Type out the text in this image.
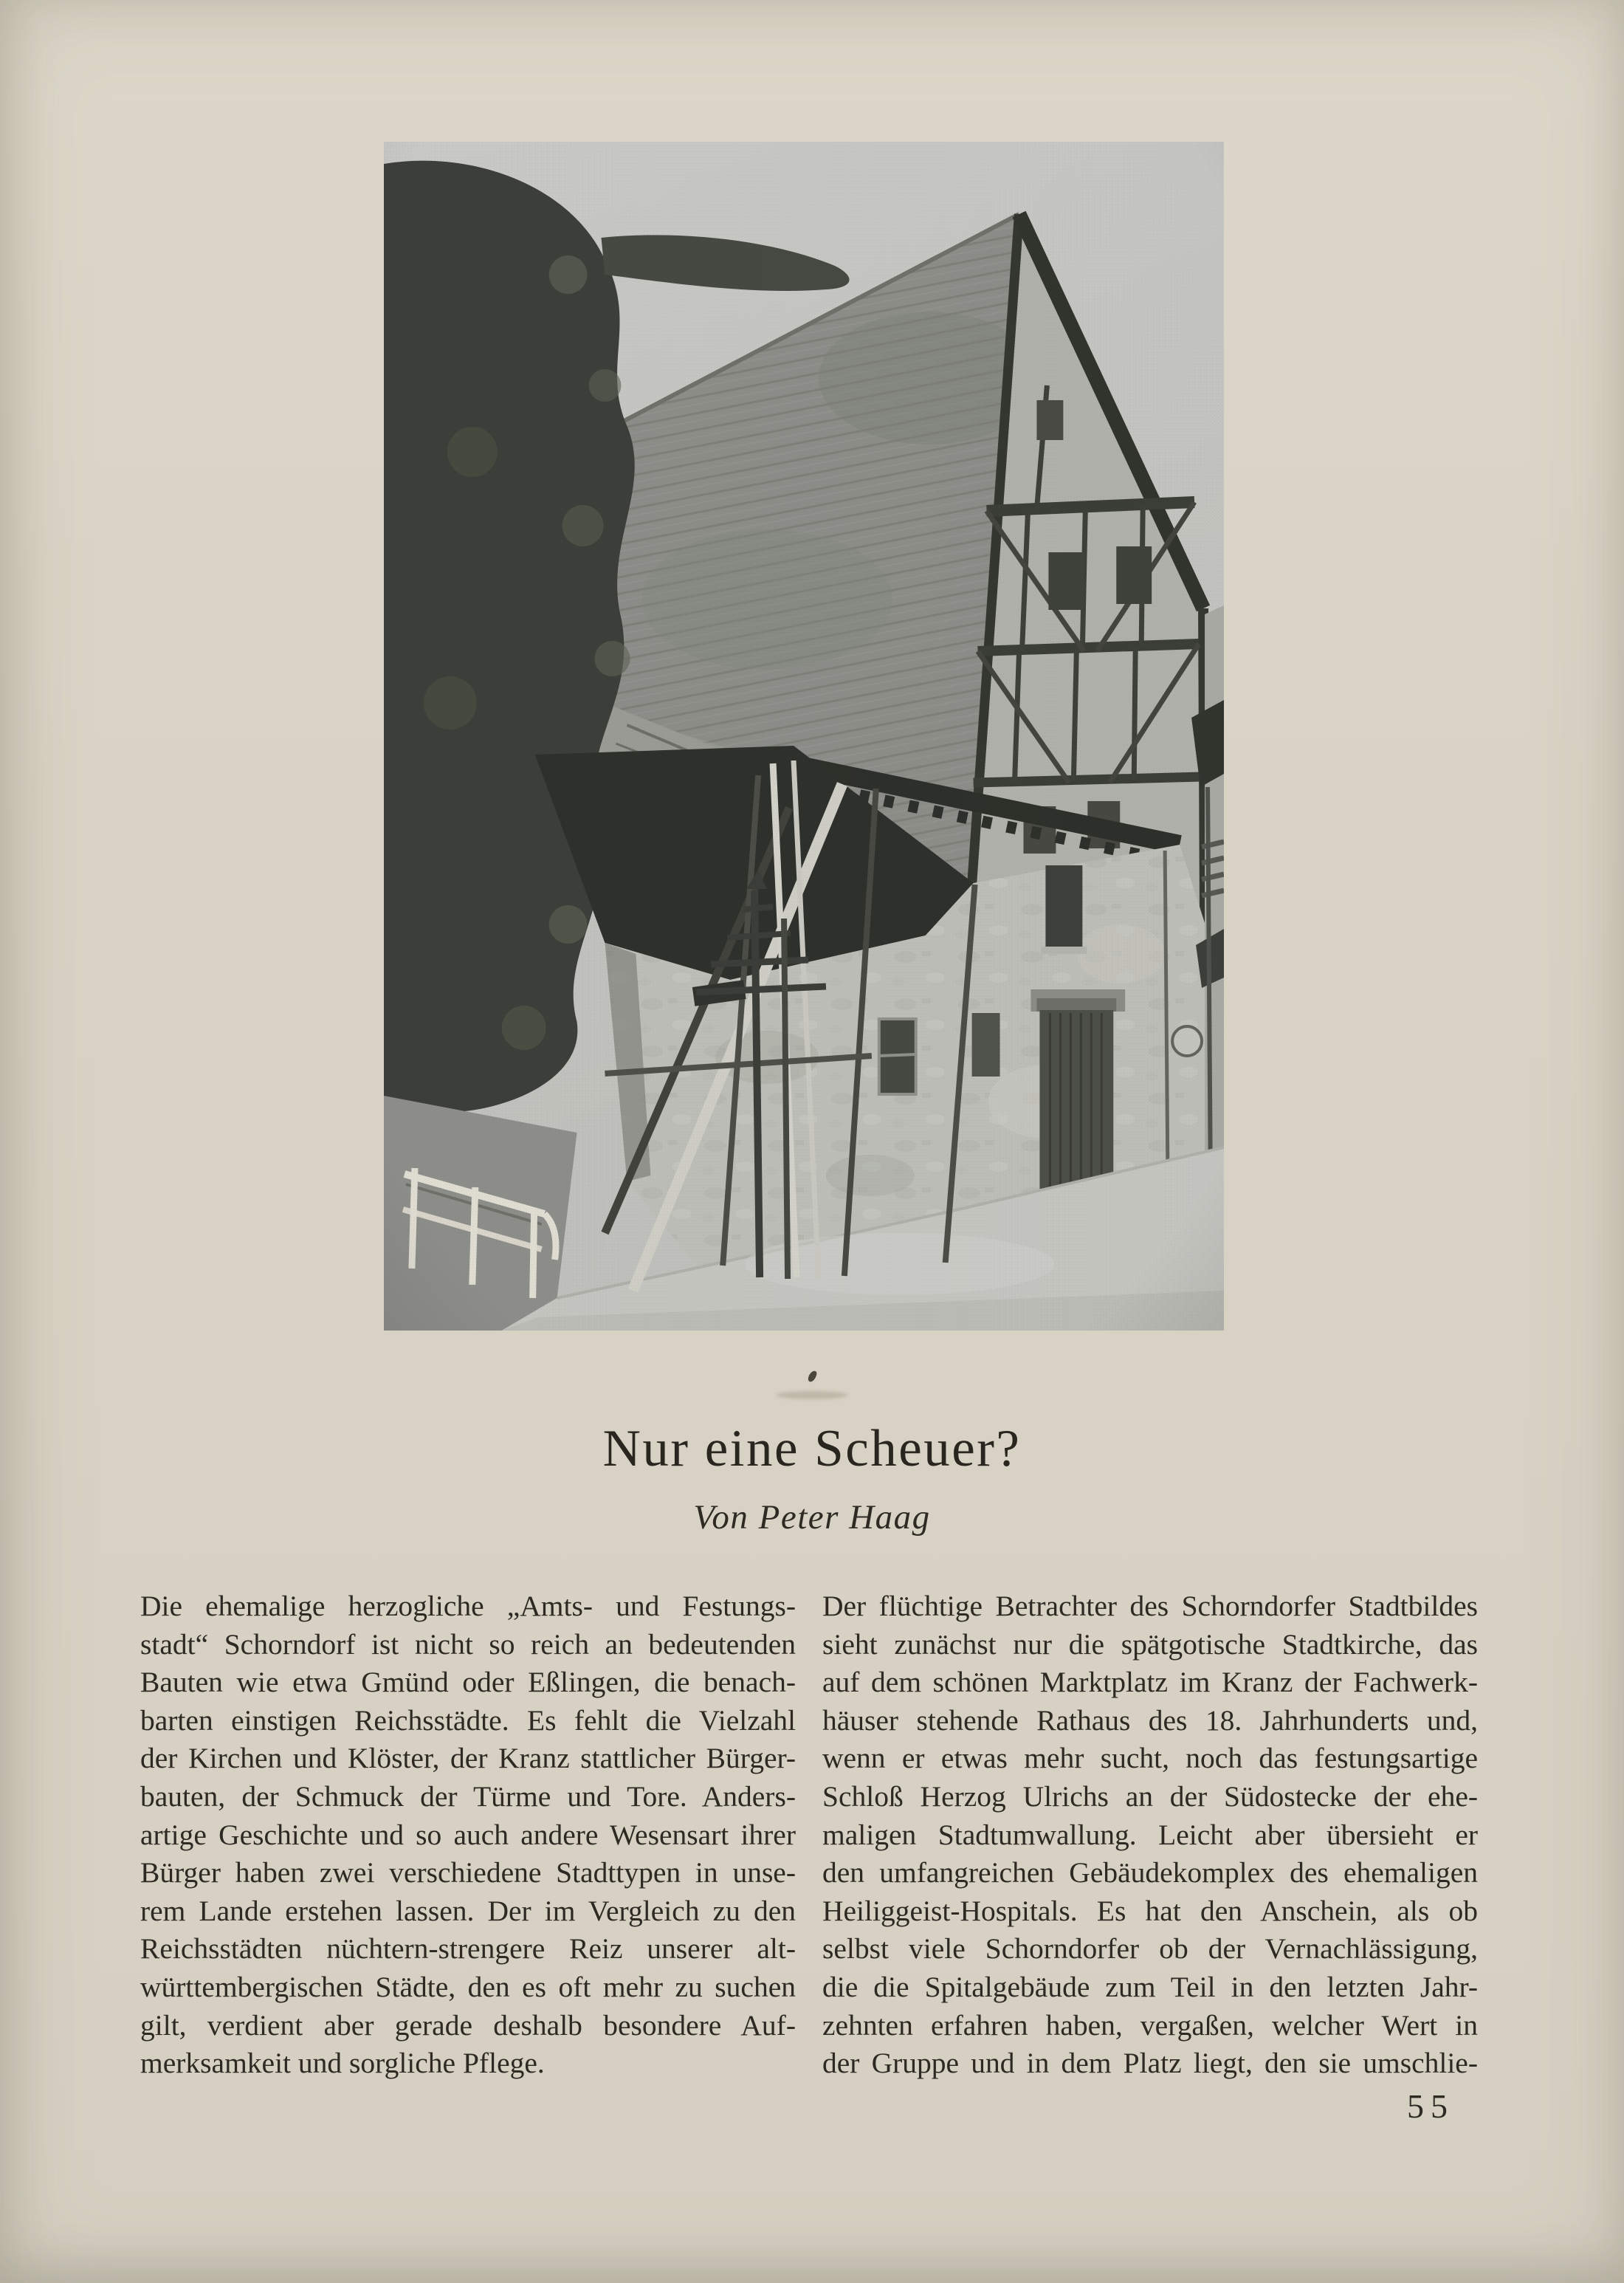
Nur eine Scheuer?
Von Peter Haag
Die ehemalige herzogliche „Amts- und Festungs-
stadt“ Schorndorf ist nicht so reich an bedeutenden
Bauten wie etwa Gmünd oder Eßlingen, die benach-
barten einstigen Reichsstädte. Es fehlt die Vielzahl
der Kirchen und Klöster, der Kranz stattlicher Bürger-
bauten, der Schmuck der Türme und Tore. Anders-
artige Geschichte und so auch andere Wesensart ihrer
Bürger haben zwei verschiedene Stadttypen in unse-
rem Lande erstehen lassen. Der im Vergleich zu den
Reichsstädten nüchtern-strengere Reiz unserer alt-
württembergischen Städte, den es oft mehr zu suchen
gilt, verdient aber gerade deshalb besondere Auf-
merksamkeit und sorgliche Pflege.
Der flüchtige Betrachter des Schorndorfer Stadtbildes
sieht zunächst nur die spätgotische Stadtkirche, das
auf dem schönen Marktplatz im Kranz der Fachwerk-
häuser stehende Rathaus des 18. Jahrhunderts und,
wenn er etwas mehr sucht, noch das festungsartige
Schloß Herzog Ulrichs an der Südostecke der ehe-
maligen Stadtumwallung. Leicht aber übersieht er
den umfangreichen Gebäudekomplex des ehemaligen
Heiliggeist-Hospitals. Es hat den Anschein, als ob
selbst viele Schorndorfer ob der Vernachlässigung,
die die Spitalgebäude zum Teil in den letzten Jahr-
zehnten erfahren haben, vergaßen, welcher Wert in
der Gruppe und in dem Platz liegt, den sie umschlie-
55
